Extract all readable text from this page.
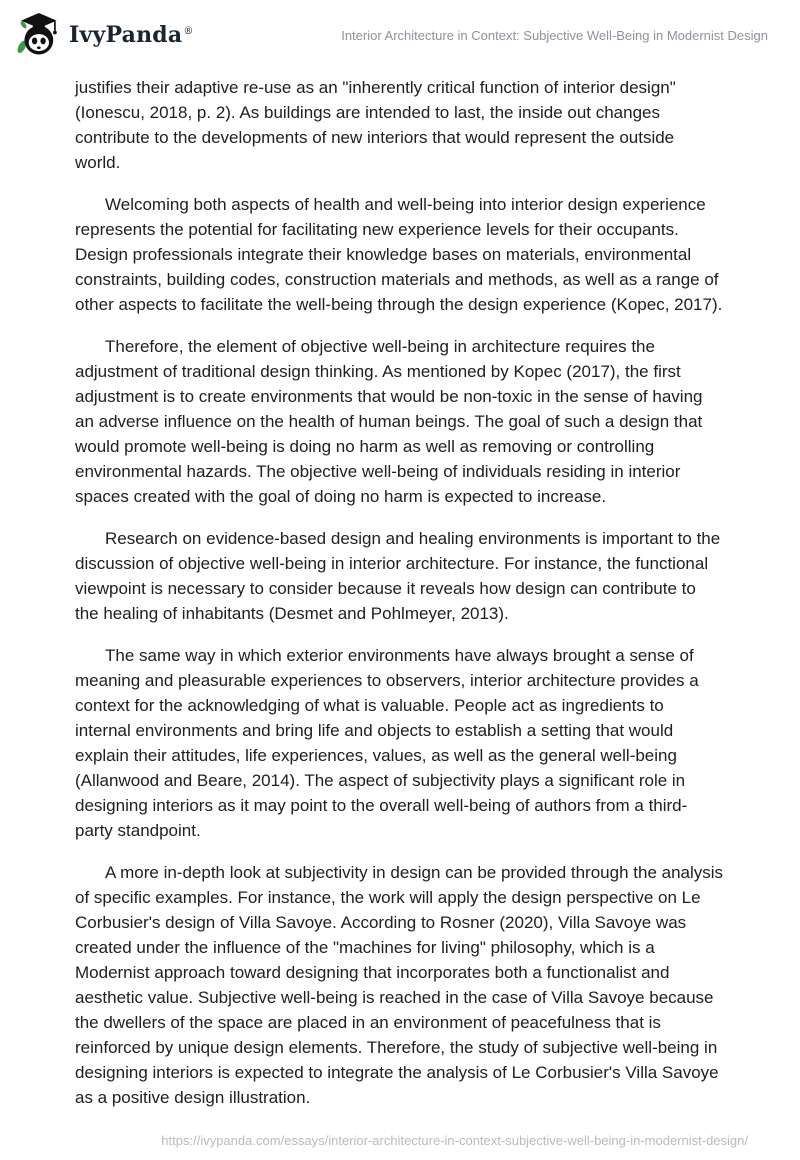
IvyPanda®	Interior Architecture in Context: Subjective Well-Being in Modernist Design

justifies their adaptive re-use as an "inherently critical function of interior design" (Ionescu, 2018, p. 2). As buildings are intended to last, the inside out changes contribute to the developments of new interiors that would represent the outside world.

Welcoming both aspects of health and well-being into interior design experience represents the potential for facilitating new experience levels for their occupants. Design professionals integrate their knowledge bases on materials, environmental constraints, building codes, construction materials and methods, as well as a range of other aspects to facilitate the well-being through the design experience (Kopec, 2017).

Therefore, the element of objective well-being in architecture requires the adjustment of traditional design thinking. As mentioned by Kopec (2017), the first adjustment is to create environments that would be non-toxic in the sense of having an adverse influence on the health of human beings. The goal of such a design that would promote well-being is doing no harm as well as removing or controlling environmental hazards. The objective well-being of individuals residing in interior spaces created with the goal of doing no harm is expected to increase.

Research on evidence-based design and healing environments is important to the discussion of objective well-being in interior architecture. For instance, the functional viewpoint is necessary to consider because it reveals how design can contribute to the healing of inhabitants (Desmet and Pohlmeyer, 2013).

The same way in which exterior environments have always brought a sense of meaning and pleasurable experiences to observers, interior architecture provides a context for the acknowledging of what is valuable. People act as ingredients to internal environments and bring life and objects to establish a setting that would explain their attitudes, life experiences, values, as well as the general well-being (Allanwood and Beare, 2014). The aspect of subjectivity plays a significant role in designing interiors as it may point to the overall well-being of authors from a third-party standpoint.

A more in-depth look at subjectivity in design can be provided through the analysis of specific examples. For instance, the work will apply the design perspective on Le Corbusier's design of Villa Savoye. According to Rosner (2020), Villa Savoye was created under the influence of the "machines for living" philosophy, which is a Modernist approach toward designing that incorporates both a functionalist and aesthetic value. Subjective well-being is reached in the case of Villa Savoye because the dwellers of the space are placed in an environment of peacefulness that is reinforced by unique design elements. Therefore, the study of subjective well-being in designing interiors is expected to integrate the analysis of Le Corbusier's Villa Savoye as a positive design illustration.

https://ivypanda.com/essays/interior-architecture-in-context-subjective-well-being-in-modernist-design/
